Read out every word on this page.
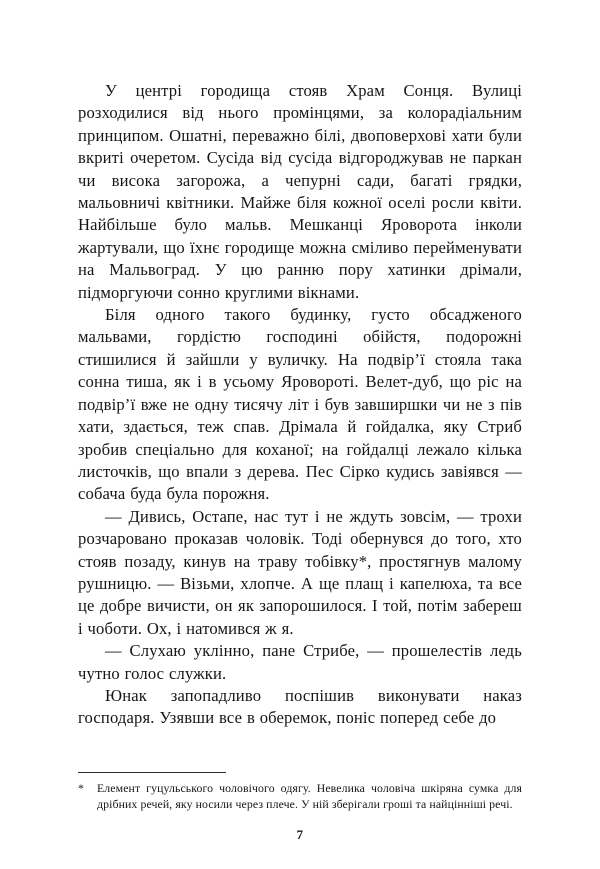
У центрі городища стояв Храм Сонця. Вулиці розходилися від нього промінцями, за колорадіальним принципом. Ошатні, переважно білі, двоповерхові хати були вкриті очеретом. Сусіда від сусіда відгороджував не паркан чи висока загорожа, а чепурні сади, багаті грядки, мальовничі квітники. Майже біля кожної оселі росли квіти. Найбільше було мальв. Мешканці Яроворота інколи жартували, що їхнє городище можна сміливо перейменувати на Мальвоград. У цю ранню пору хатинки дрімали, підморгуючи сонно круглими вікнами.

Біля одного такого будинку, густо обсадженого мальвами, гордістю господині обійстя, подорожні стишилися й зайшли у вуличку. На подвір’ї стояла така сонна тиша, як і в усьому Яровороті. Велет-дуб, що ріс на подвір’ї вже не одну тисячу літ і був завширшки чи не з пів хати, здається, теж спав. Дрімала й гойдалка, яку Стриб зробив спеціально для коханої; на гойдалці лежало кілька листочків, що впали з дерева. Пес Сірко кудись завіявся — собача буда була порожня.

— Дивись, Остапе, нас тут і не ждуть зовсім, — трохи розчаровано проказав чоловік. Тоді обернувся до того, хто стояв позаду, кинув на траву тобівку*, простягнув малому рушницю. — Візьми, хлопче. А ще плащ і капелюха, та все це добре вичисти, он як запорошилося. І той, потім забереш і чоботи. Ох, і натомився ж я.

— Слухаю уклінно, пане Стрибе, — прошелестів ледь чутно голос служки.

Юнак запопадливо поспішив виконувати наказ господаря. Узявши все в оберемок, поніс поперед себе до

* Елемент гуцульського чоловічого одягу. Невелика чоловіча шкіряна сумка для дрібних речей, яку носили через плече. У ній зберігали гроші та найцінніші речі.
7
